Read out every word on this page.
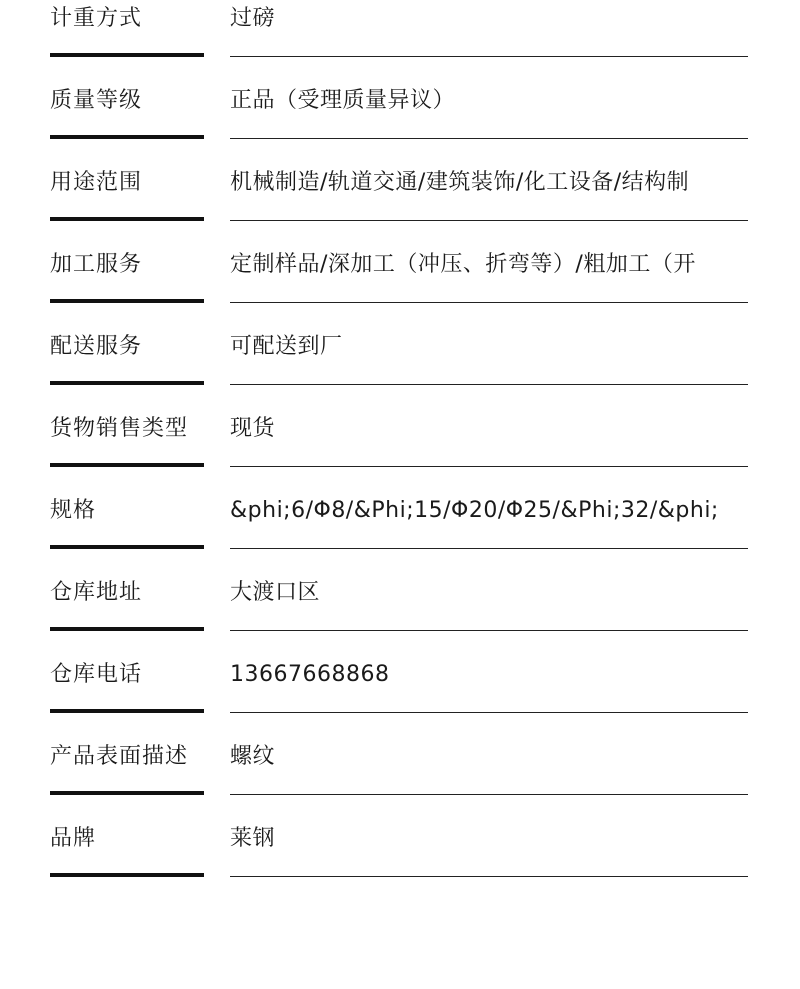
计重方式	过磅
质量等级	正品（受理质量异议）
用途范围	机械制造/轨道交通/建筑装饰/化工设备/结构制
加工服务	定制样品/深加工（冲压、折弯等）/粗加工（开
配送服务	可配送到厂
货物销售类型	现货
规格	&phi;6/Φ8/&Phi;15/Φ20/Φ25/&Phi;32/&phi;
仓库地址	大渡口区
仓库电话	13667668868
产品表面描述	螺纹
品牌	莱钢
